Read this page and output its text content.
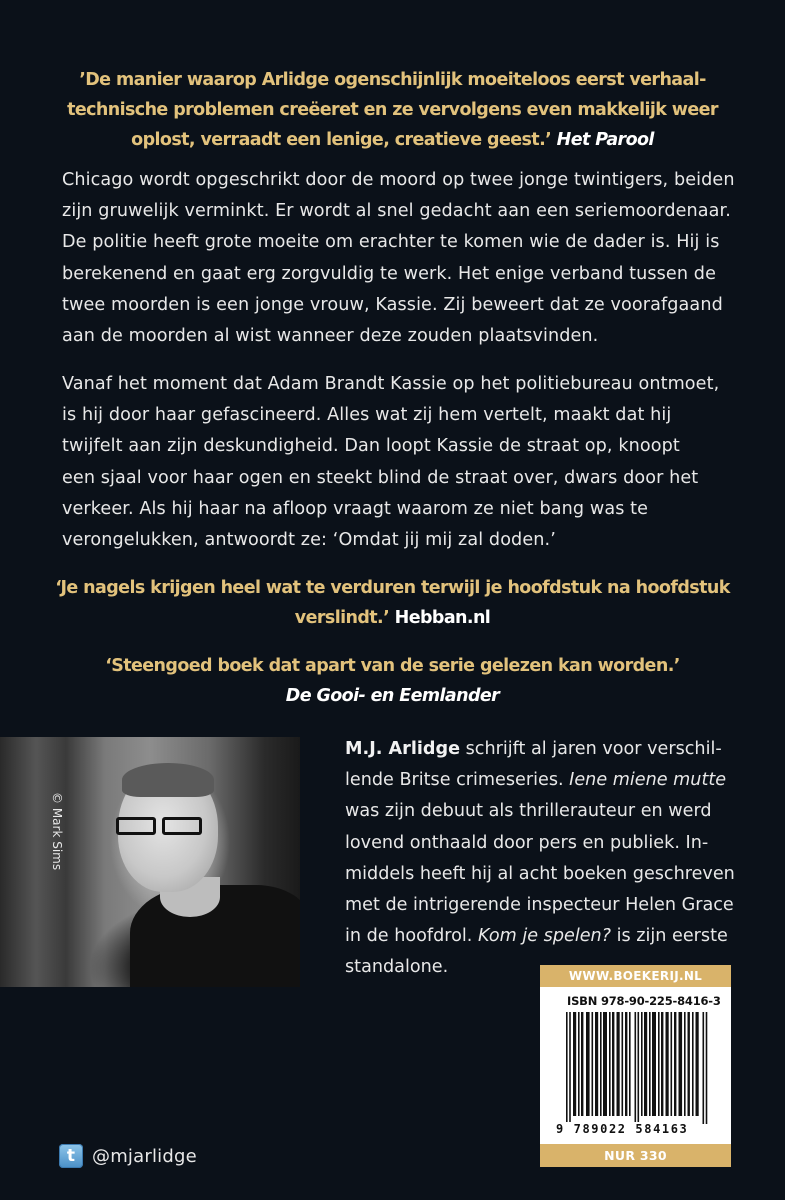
’De manier waarop Arlidge ogenschijnlijk moeiteloos eerst verhaal-
technische problemen creëeret en ze vervolgens even makkelijk weer
oplost, verraadt een lenige, creatieve geest.’ Het Parool
Chicago wordt opgeschrikt door de moord op twee jonge twintigers, beiden
zijn gruwelijk verminkt. Er wordt al snel gedacht aan een seriemoordenaar.
De politie heeft grote moeite om erachter te komen wie de dader is. Hij is
berekenend en gaat erg zorgvuldig te werk. Het enige verband tussen de
twee moorden is een jonge vrouw, Kassie. Zij beweert dat ze voorafgaand
aan de moorden al wist wanneer deze zouden plaatsvinden.
Vanaf het moment dat Adam Brandt Kassie op het politiebureau ontmoet,
is hij door haar gefascineerd. Alles wat zij hem vertelt, maakt dat hij
twijfelt aan zijn deskundigheid. Dan loopt Kassie de straat op, knoopt
een sjaal voor haar ogen en steekt blind de straat over, dwars door het
verkeer. Als hij haar na afloop vraagt waarom ze niet bang was te
verongelukken, antwoordt ze: ‘Omdat jij mij zal doden.’
‘Je nagels krijgen heel wat te verduren terwijl je hoofdstuk na hoofdstuk
verslindt.’ Hebban.nl
‘Steengoed boek dat apart van de serie gelezen kan worden.’
De Gooi- en Eemlander
© Mark Sims
M.J. Arlidge schrijft al jaren voor verschil-
lende Britse crimeseries. Iene miene mutte
was zijn debuut als thrillerauteur en werd
lovend onthaald door pers en publiek. In-
middels heeft hij al acht boeken geschreven
met de intrigerende inspecteur Helen Grace
in de hoofdrol. Kom je spelen? is zijn eerste
standalone.	WWW.BOEKERIJ.NL
ISBN 978-90-225-8416-3
9 789022 584163
NUR 330
t @mjarlidge
